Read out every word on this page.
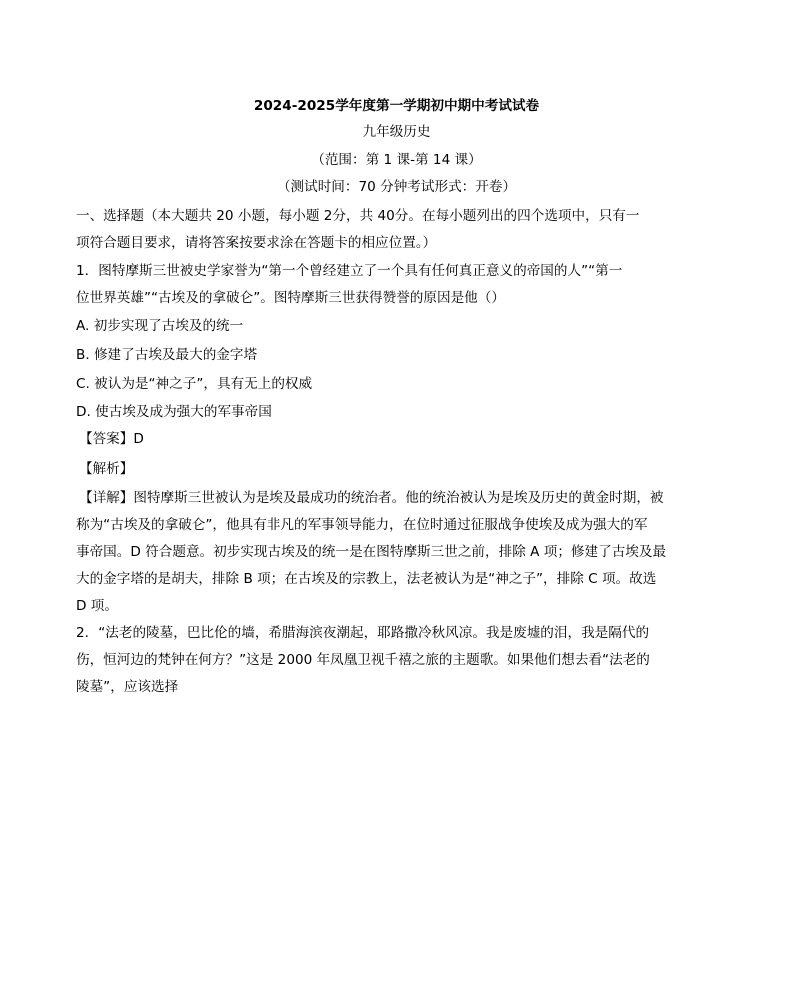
2024-2025学年度第一学期初中期中考试试卷
九年级历史
（范围：第 1 课-第 14 课）
（测试时间：70 分钟考试形式：开卷）
一、选择题（本大题共 20 小题，每小题 2分，共 40分。在每小题列出的四个选项中，只有一
项符合题目要求，请将答案按要求涂在答题卡的相应位置。）
1．图特摩斯三世被史学家誉为“第一个曾经建立了一个具有任何真正意义的帝国的人”“第一
位世界英雄”“古埃及的拿破仑”。图特摩斯三世获得赞誉的原因是他（）
A. 初步实现了古埃及的统一
B. 修建了古埃及最大的金字塔
C. 被认为是“神之子”，具有无上的权威
D. 使古埃及成为强大的军事帝国
【答案】D
【解析】
【详解】图特摩斯三世被认为是埃及最成功的统治者。他的统治被认为是埃及历史的黄金时期，被
称为“古埃及的拿破仑”，他具有非凡的军事领导能力，在位时通过征服战争使埃及成为强大的军
事帝国。D 符合题意。初步实现古埃及的统一是在图特摩斯三世之前，排除 A 项；修建了古埃及最
大的金字塔的是胡夫，排除 B 项；在古埃及的宗教上，法老被认为是“神之子”，排除 C 项。故选
D 项。
2．“法老的陵墓，巴比伦的墙，希腊海滨夜潮起，耶路撒冷秋风凉。我是废墟的泪，我是隔代的
伤，恒河边的梵钟在何方？”这是 2000 年凤凰卫视千禧之旅的主题歌。如果他们想去看“法老的
陵墓”，应该选择
